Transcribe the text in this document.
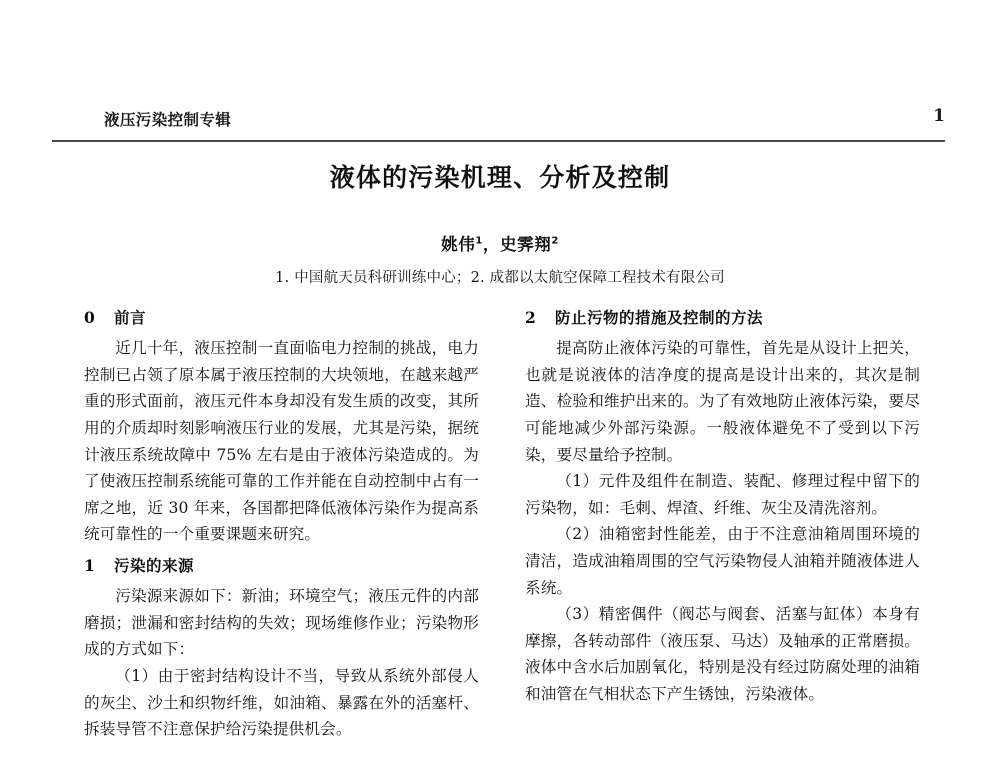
液压污染控制专辑	1
液体的污染机理、分析及控制
姚伟$^1$，史霁翔$^2$
1. 中国航天员科研训练中心；2. 成都以太航空保障工程技术有限公司
0	前言

近几十年，液压控制一直面临电力控制的挑战，电力控制已占领了原本属于液压控制的大块领地，在越来越严重的形式面前，液压元件本身却没有发生质的改变，其所用的介质却时刻影响液压行业的发展，尤其是污染，据统计液压系统故障中 75% 左右是由于液体污染造成的。为了使液压控制系统能可靠的工作并能在自动控制中占有一席之地，近 30 年来，各国都把降低液体污染作为提高系统可靠性的一个重要课题来研究。

1	污染的来源

污染源来源如下：新油；环境空气；液压元件的内部磨损；泄漏和密封结构的失效；现场维修作业；污染物形成的方式如下：

（1）由于密封结构设计不当，导致从系统外部侵人的灰尘、沙土和织物纤维，如油箱、暴露在外的活塞杆、拆装导管不注意保护给污染提供机会。

2	防止污物的措施及控制的方法

提高防止液体污染的可靠性，首先是从设计上把关，也就是说液体的洁净度的提高是设计出来的，其次是制造、检验和维护出来的。为了有效地防止液体污染，要尽可能地减少外部污染源。一般液体避免不了受到以下污染，要尽量给予控制。

（1）元件及组件在制造、装配、修理过程中留下的污染物，如：毛刺、焊渣、纤维、灰尘及清洗溶剂。

（2）油箱密封性能差，由于不注意油箱周围环境的清洁，造成油箱周围的空气污染物侵人油箱并随液体进人系统。

（3）精密偶件（阀芯与阀套、活塞与缸体）本身有摩擦，各转动部件（液压泵、马达）及轴承的正常磨损。液体中含水后加剧氧化，特别是没有经过防腐处理的油箱和油管在气相状态下产生锈蚀，污染液体。
